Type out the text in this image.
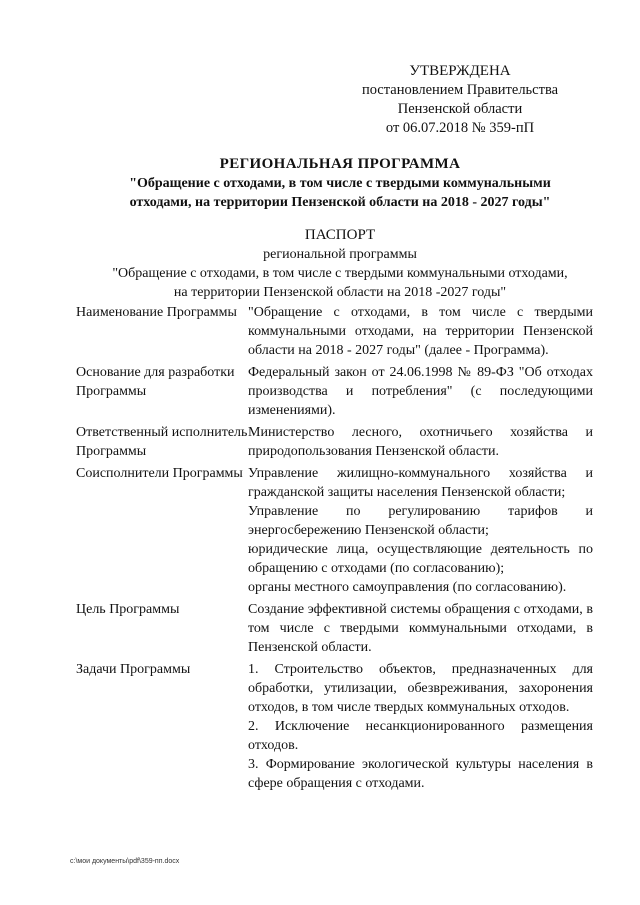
УТВЕРЖДЕНА
постановлением Правительства
Пензенской области
от 06.07.2018 № 359-пП
РЕГИОНАЛЬНАЯ ПРОГРАММА
"Обращение с отходами, в том числе с твердыми коммунальными
отходами, на территории Пензенской области на 2018 - 2027 годы"
ПАСПОРТ
региональной программы
"Обращение с отходами, в том числе с твердыми коммунальными отходами,
на территории Пензенской области на 2018 -2027 годы"
Наименование Программы "Обращение с отходами, в том числе с твердыми коммунальными отходами, на территории Пензенской области на 2018 - 2027 годы" (далее - Программа).

Основание для разработки Программы

Федеральный закон от 24.06.1998 № 89-ФЗ "Об отходах производства и потребления" (с последующими изменениями).

Ответственный исполнитель Программы

Министерство лесного, охотничьего хозяйства и природопользования Пензенской области.

Соисполнители Программы Управление жилищно-коммунального хозяйства и гражданской защиты населения Пензенской области;

Управление по регулированию тарифов и энергосбережению Пензенской области;

юридические лица, осуществляющие деятельность по обращению с отходами (по согласованию);

органы местного самоуправления (по согласованию).

Цель Программы	Создание эффективной системы обращения с отходами, в том числе с твердыми коммунальными отходами, в Пензенской области.

Задачи Программы	1. Строительство объектов, предназначенных для обработки, утилизации, обезвреживания, захоронения отходов, в том числе твердых коммунальных отходов.

2. Исключение несанкционированного размещения отходов.

3. Формирование экологической культуры населения в сфере обращения с отходами.

c:\мои документы\pdf\359-пп.docx
